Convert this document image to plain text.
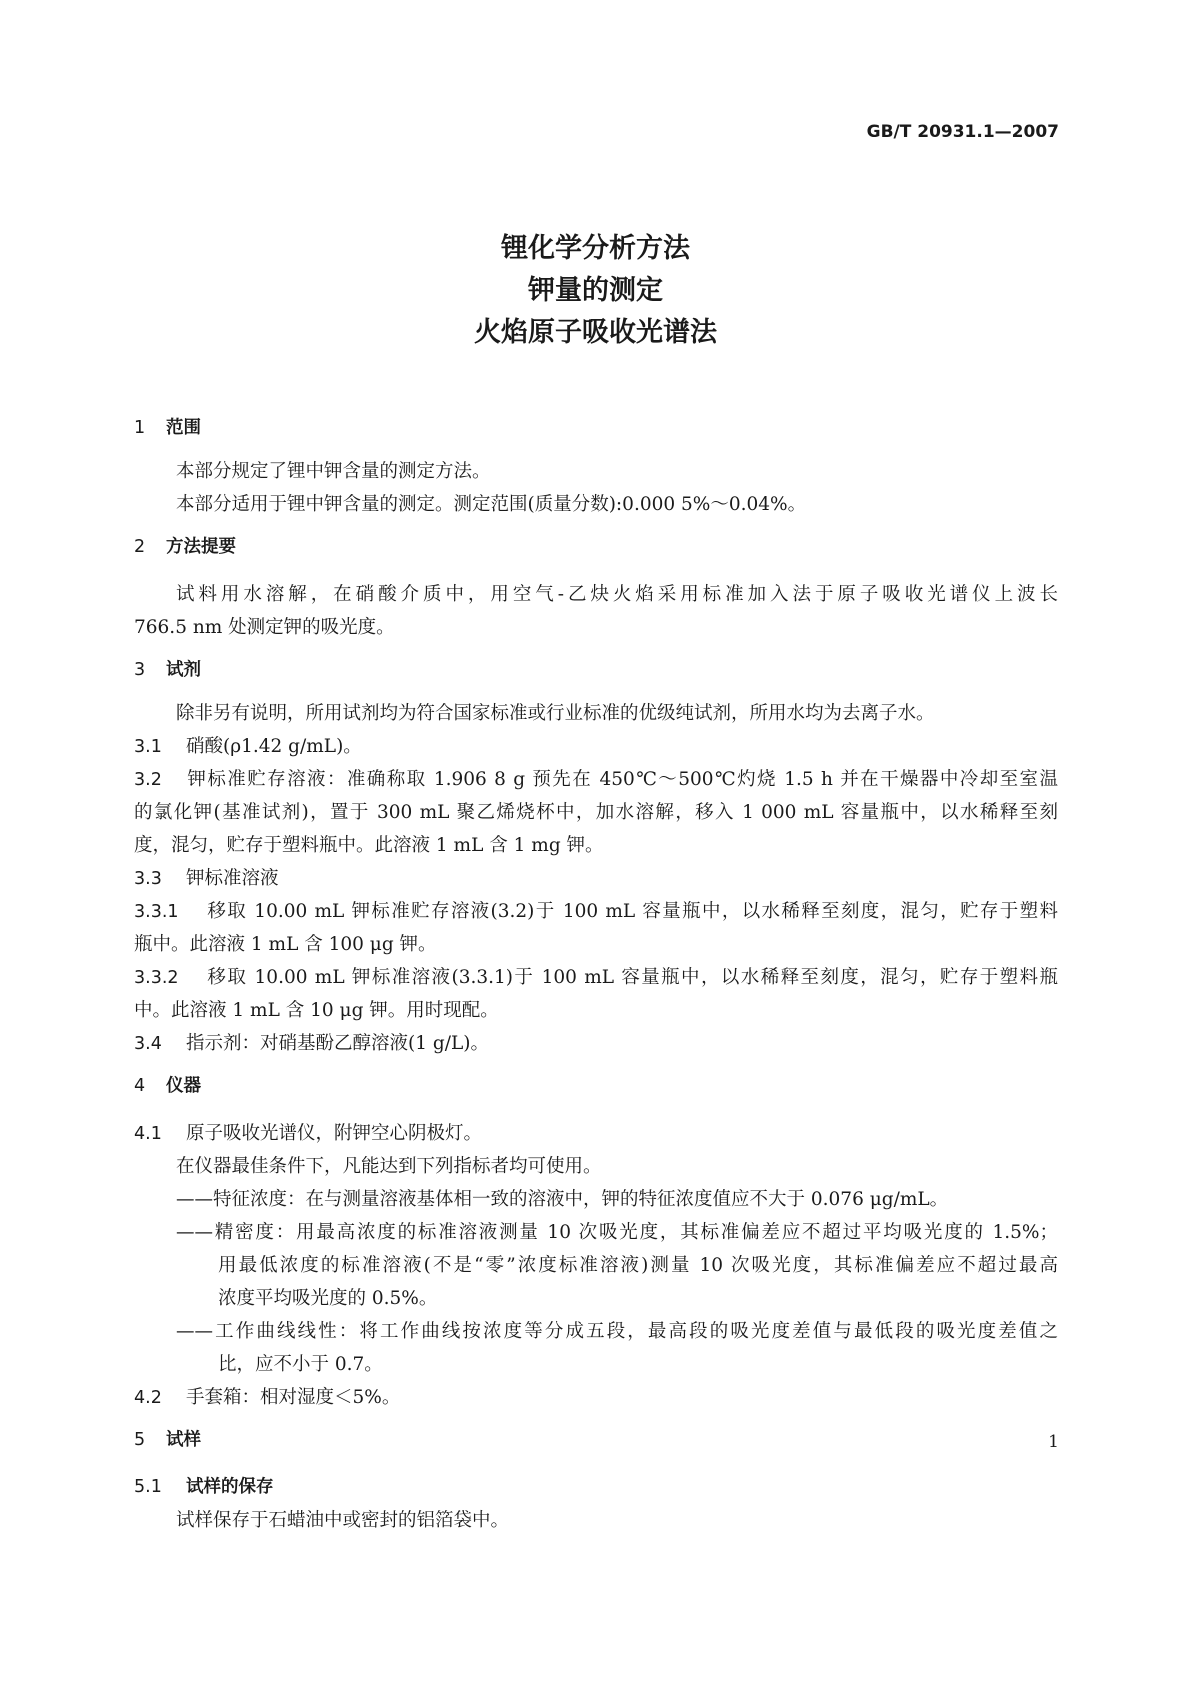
GB/T 20931.1—2007
锂化学分析方法
钾量的测定
火焰原子吸收光谱法
1 范围
本部分规定了锂中钾含量的测定方法。
本部分适用于锂中钾含量的测定。测定范围(质量分数):0.000 5%～0.04%。
2 方法提要
试料用水溶解，在硝酸介质中，用空气-乙炔火焰采用标准加入法于原子吸收光谱仪上波长
766.5 nm 处测定钾的吸光度。
3 试剂
除非另有说明，所用试剂均为符合国家标准或行业标准的优级纯试剂，所用水均为去离子水。
3.1 硝酸(ρ1.42 g/mL)。
3.2 钾标准贮存溶液：准确称取 1.906 8 g 预先在 450℃～500℃灼烧 1.5 h 并在干燥器中冷却至室温
的氯化钾(基准试剂)，置于 300 mL 聚乙烯烧杯中，加水溶解，移入 1 000 mL 容量瓶中，以水稀释至刻
度，混匀，贮存于塑料瓶中。此溶液 1 mL 含 1 mg 钾。
3.3 钾标准溶液
3.3.1 移取 10.00 mL 钾标准贮存溶液(3.2)于 100 mL 容量瓶中，以水稀释至刻度，混匀，贮存于塑料
瓶中。此溶液 1 mL 含 100 μg 钾。
3.3.2 移取 10.00 mL 钾标准溶液(3.3.1)于 100 mL 容量瓶中，以水稀释至刻度，混匀，贮存于塑料瓶
中。此溶液 1 mL 含 10 μg 钾。用时现配。
3.4 指示剂：对硝基酚乙醇溶液(1 g/L)。
4 仪器
4.1 原子吸收光谱仪，附钾空心阴极灯。
在仪器最佳条件下，凡能达到下列指标者均可使用。
——特征浓度：在与测量溶液基体相一致的溶液中，钾的特征浓度值应不大于 0.076 μg/mL。
——精密度：用最高浓度的标准溶液测量 10 次吸光度，其标准偏差应不超过平均吸光度的 1.5%；
用最低浓度的标准溶液(不是“零”浓度标准溶液)测量 10 次吸光度，其标准偏差应不超过最高
浓度平均吸光度的 0.5%。
——工作曲线线性：将工作曲线按浓度等分成五段，最高段的吸光度差值与最低段的吸光度差值之
比，应不小于 0.7。
4.2 手套箱：相对湿度＜5%。
5 试样
5.1 试样的保存
试样保存于石蜡油中或密封的铝箔袋中。
1
